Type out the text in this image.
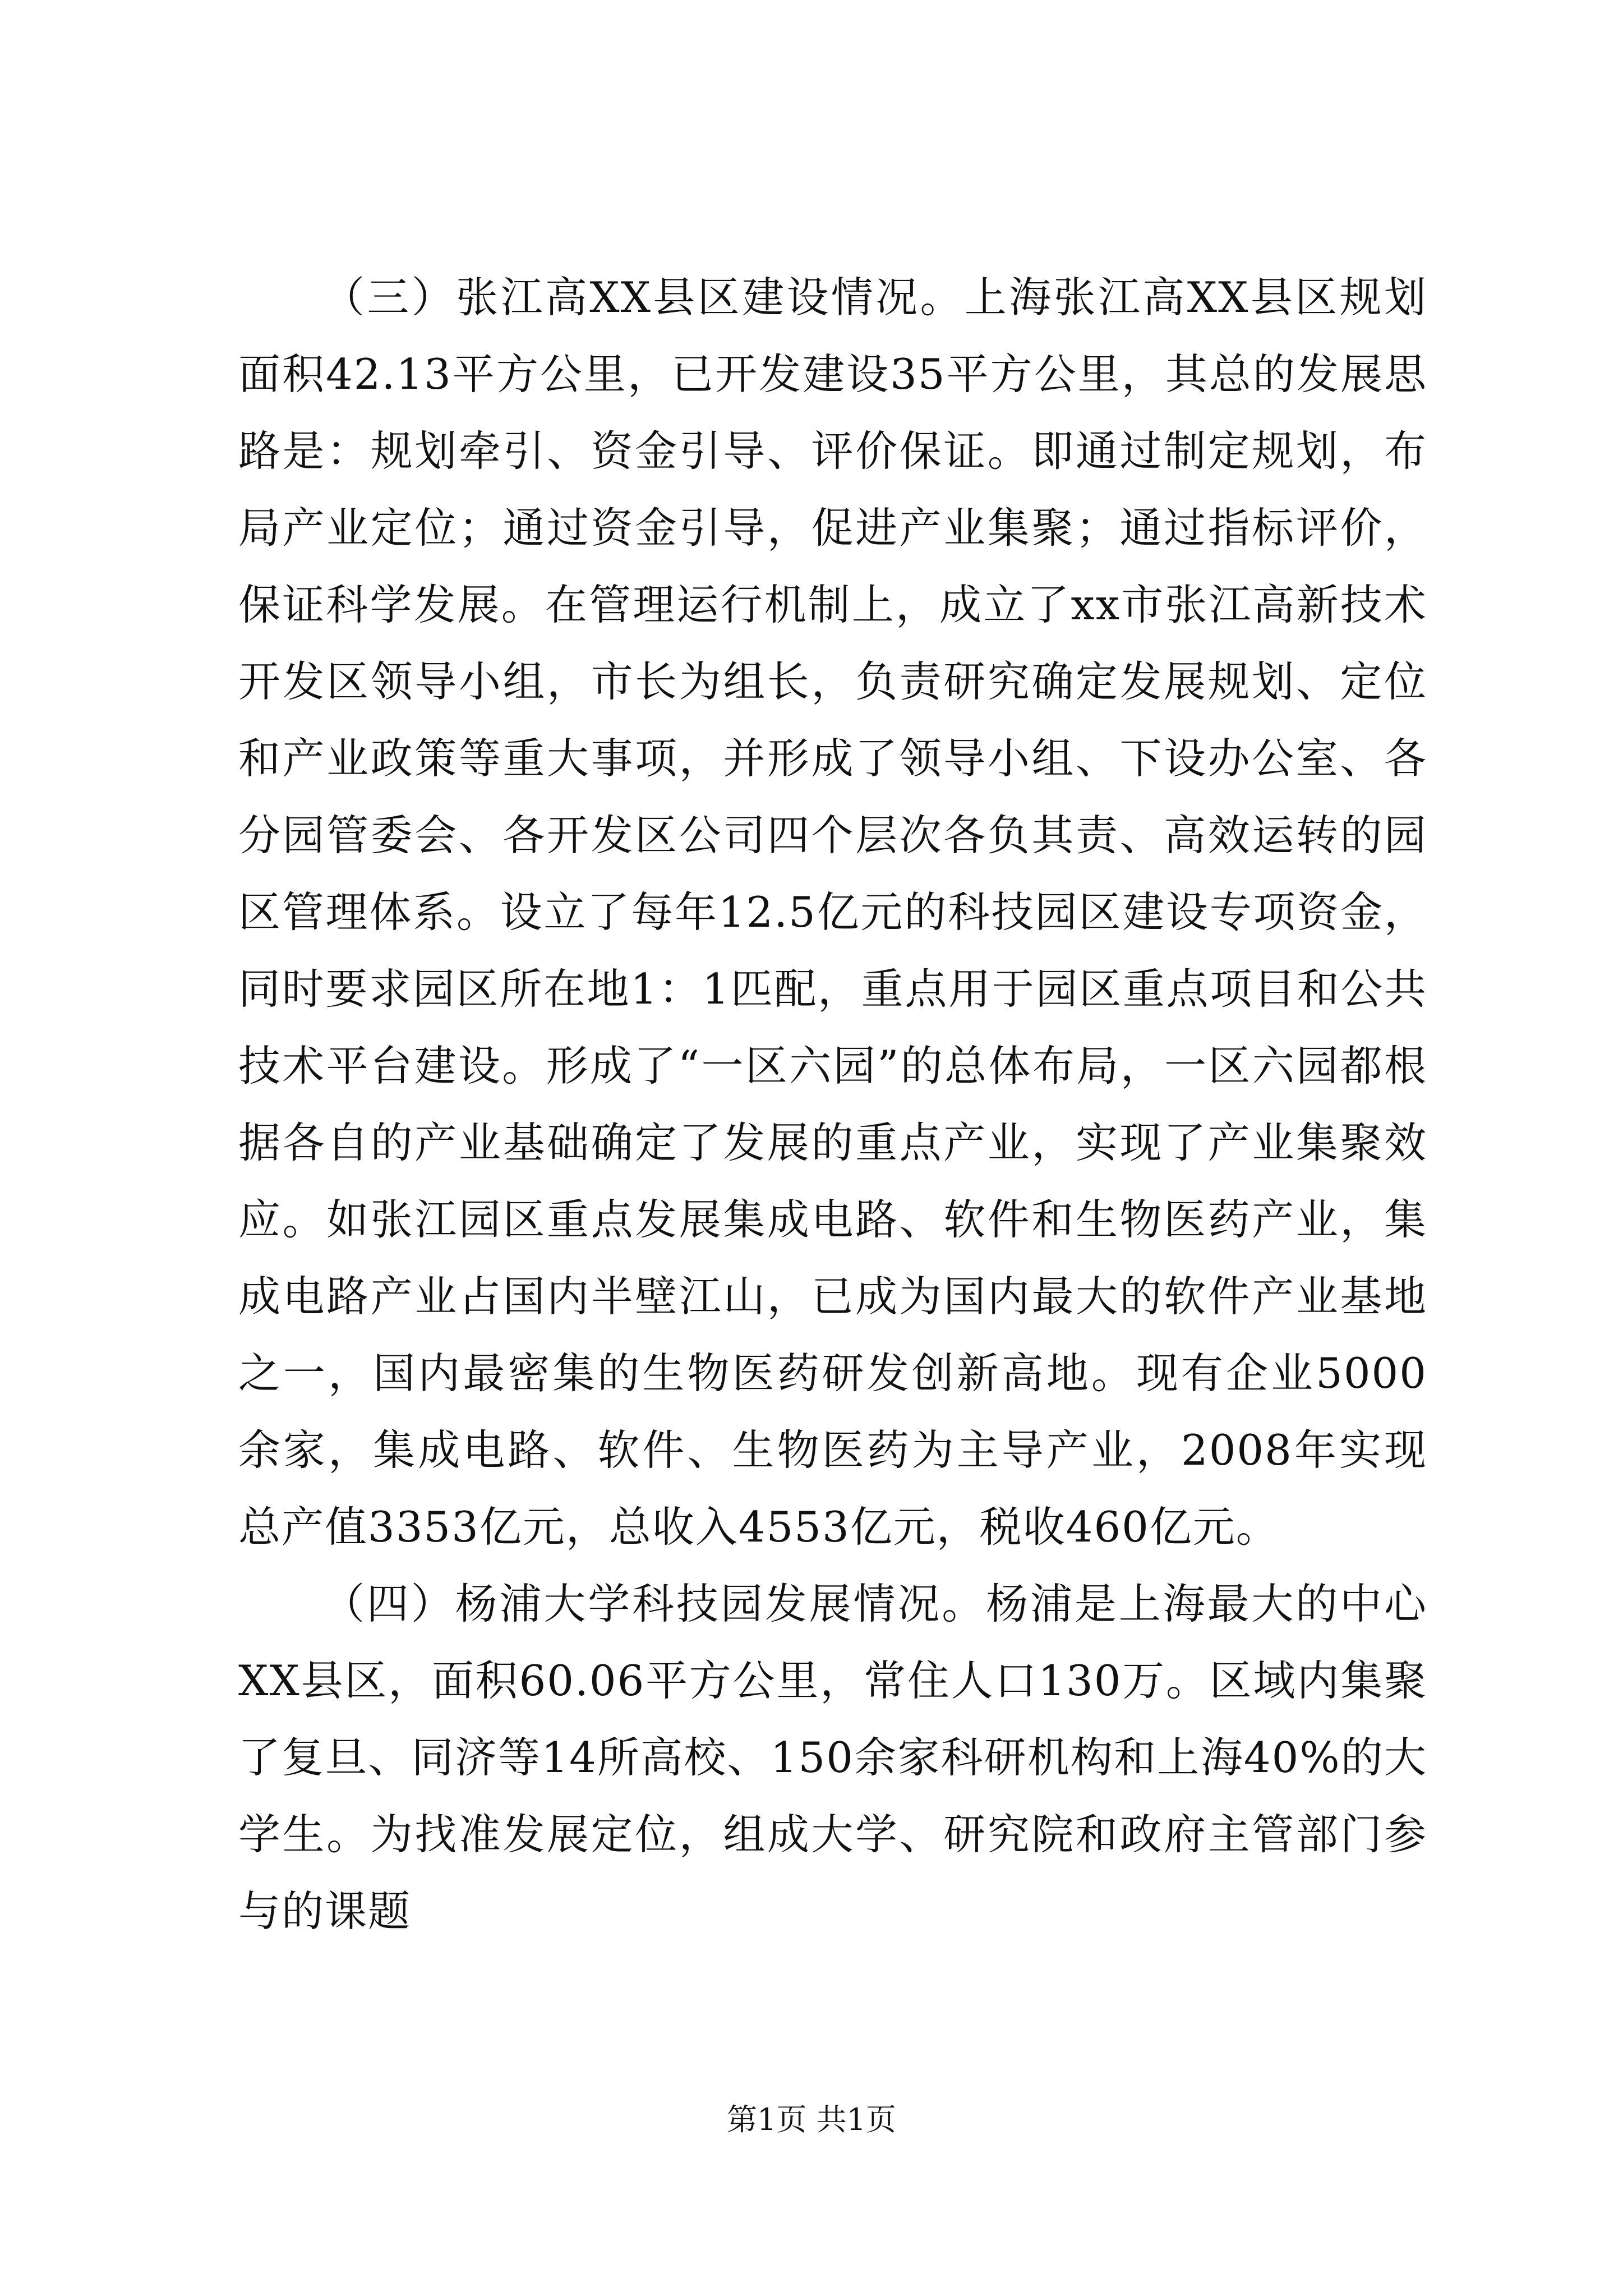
（三）张江高XX县区建设情况。上海张江高XX县区规划面积42.13平方公里，已开发建设35平方公里，其总的发展思路是：规划牵引、资金引导、评价保证。即通过制定规划，布局产业定位；通过资金引导，促进产业集聚；通过指标评价，保证科学发展。在管理运行机制上，成立了xx市张江高新技术开发区领导小组，市长为组长，负责研究确定发展规划、定位和产业政策等重大事项，并形成了领导小组、下设办公室、各分园管委会、各开发区公司四个层次各负其责、高效运转的园区管理体系。设立了每年12.5亿元的科技园区建设专项资金，同时要求园区所在地1：1匹配，重点用于园区重点项目和公共技术平台建设。形成了“一区六园”的总体布局，一区六园都根据各自的产业基础确定了发展的重点产业，实现了产业集聚效应。如张江园区重点发展集成电路、软件和生物医药产业，集成电路产业占国内半壁江山，已成为国内最大的软件产业基地之一，国内最密集的生物医药研发创新高地。现有企业5000余家，集成电路、软件、生物医药为主导产业，2008年实现总产值3353亿元，总收入4553亿元，税收460亿元。

（四）杨浦大学科技园发展情况。杨浦是上海最大的中心XX县区，面积60.06平方公里，常住人口130万。区域内集聚了复旦、同济等14所高校、150余家科研机构和上海40%的大学生。为找准发展定位，组成大学、研究院和政府主管部门参与的课题

第1页 共1页
